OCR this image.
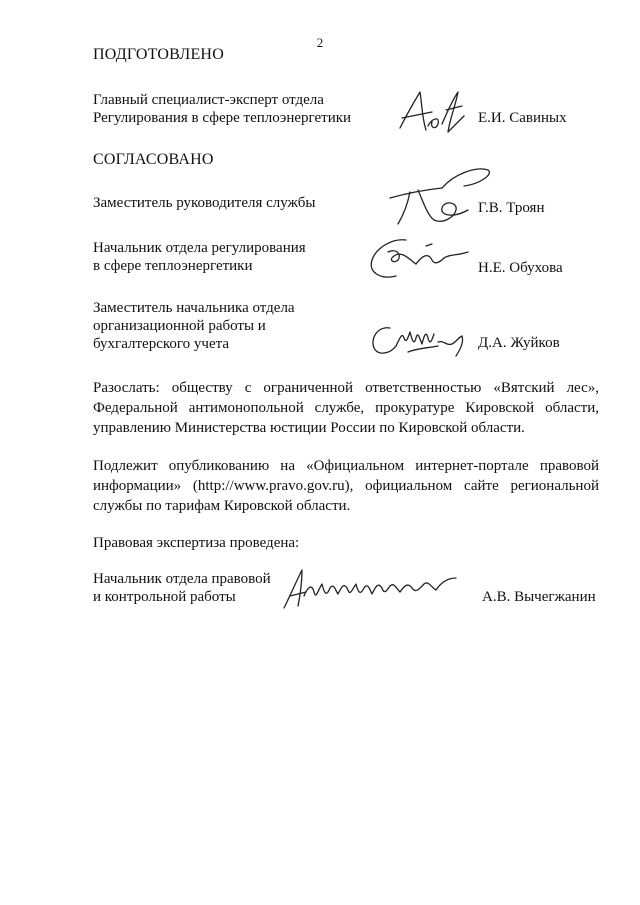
2
ПОДГОТОВЛЕНО
Главный специалист-эксперт отдела
Регулирования в сфере теплоэнергетики	Е.И. Савиных
СОГЛАСОВАНО
Заместитель руководителя службы	Г.В. Троян
Начальник отдела регулирования
в сфере теплоэнергетики	Н.Е. Обухова
Заместитель начальника отдела
организационной работы и
бухгалтерского учета	Д.А. Жуйков
Разослать: обществу с ограниченной ответственностью «Вятский лес», Федеральной антимонопольной службе, прокуратуре Кировской области, управлению Министерства юстиции России по Кировской области.
Подлежит опубликованию на «Официальном интернет-портале правовой информации» (http://www.pravo.gov.ru), официальном сайте региональной службы по тарифам Кировской области.
Правовая экспертиза проведена:
Начальник отдела правовой
и контрольной работы	А.В. Вычегжанин
